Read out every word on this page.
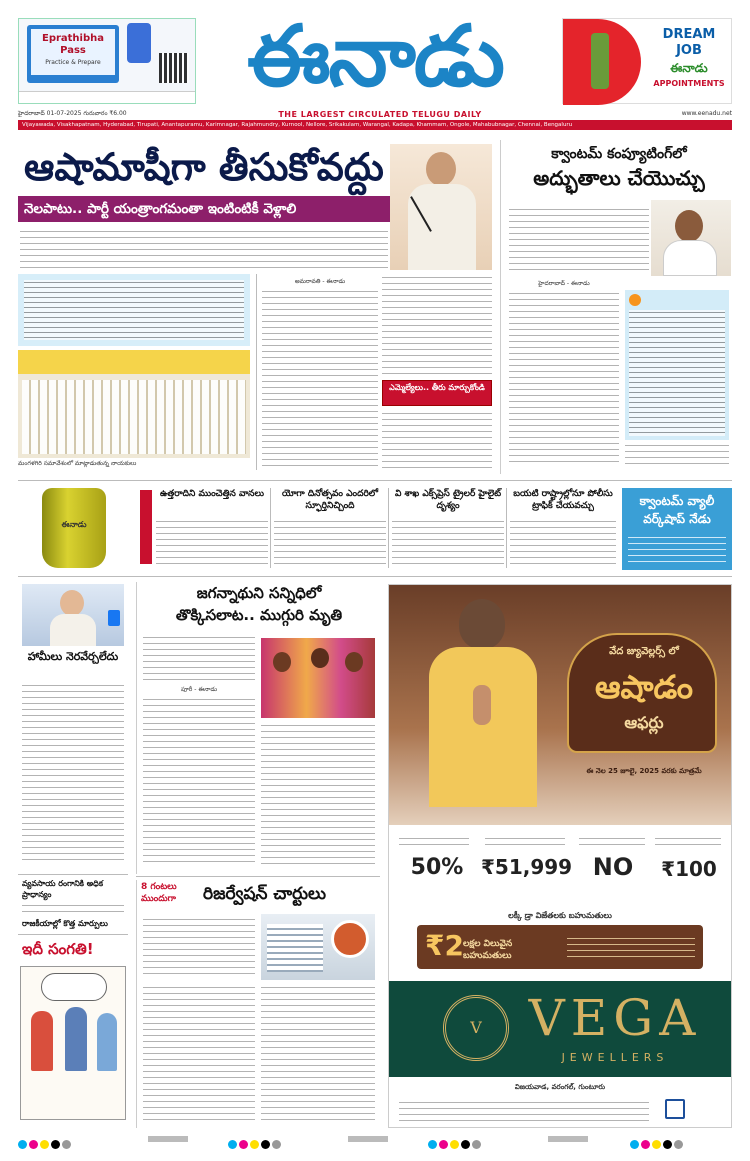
Eprathibha Pass
Practice & Prepare	ఈనాడు
THE LARGEST CIRCULATED TELUGU DAILY
DREAM
JOB
ఈనాడు
APPOINTMENTS
హైదరాబాద్ 01-07-2025 గురువారం ₹6.00	www.eenadu.net
Vijayawada, Visakhapatnam, Hyderabad, Tirupati, Anantapuramu, Karimnagar, Rajahmundry, Kurnool, Nellore, Srikakulam, Warangal, Kadapa, Khammam, Ongole, Mahabubnagar, Chennai, Bengaluru
ఆషామాషీగా తీసుకోవద్దు
నెలపాటు.. పార్టీ యంత్రాంగమంతా ఇంటింటికీ వెళ్లాలి
మంగళగిరి సమావేశంలో మాట్లాడుతున్న నాయకులు
అమరావతి - ఈనాడు
ఎమ్మెల్యేలు.. తీరు మార్చుకోండి
క్వాంటమ్ కంప్యూటింగ్‌లో
అద్భుతాలు చేయొచ్చు
హైదరాబాద్ - ఈనాడు
ఈనాడు
ఉత్తరాదిని ముంచెత్తిన వానలు	యోగా దినోత్సవం ఎందరిలో స్ఫూర్తినిచ్చింది
వి శాఖ ఎక్స్‌ప్రెస్ ట్రైలర్ హైలైట్ దృశ్యం
బయటి రాష్ట్రాల్లోనూ పోలీసు ట్రాఫిక్ చేయవచ్చు	క్వాంటమ్ వ్యాలీ
వర్క్‌షాప్ నేడు
హామీలు నెరవేర్చలేదు
వ్యవసాయ రంగానికి అధిక ప్రాధాన్యం
రాజకీయాల్లో కొత్త మార్పులు
ఇదీ సంగతి!
జగన్నాథుని సన్నిధిలో
తొక్కిసలాట.. ముగ్గురి మృతి
పూరీ - ఈనాడు
8 గంటలు
ముందుగా	రిజర్వేషన్ చార్టులు
వేద జ్యువెల్లర్స్ లో
ఆషాడం
ఆఫర్లు
ఈ నెల 25 జూలై, 2025 వరకు మాత్రమే
50% ₹51,999 NO	₹100
లక్కీ డ్రా విజేతలకు బహుమతులు
₹2 లక్షల విలువైన బహుమతులు
V VEGA
JEWELLERS
విజయవాడ, వరంగల్, గుంటూరు
